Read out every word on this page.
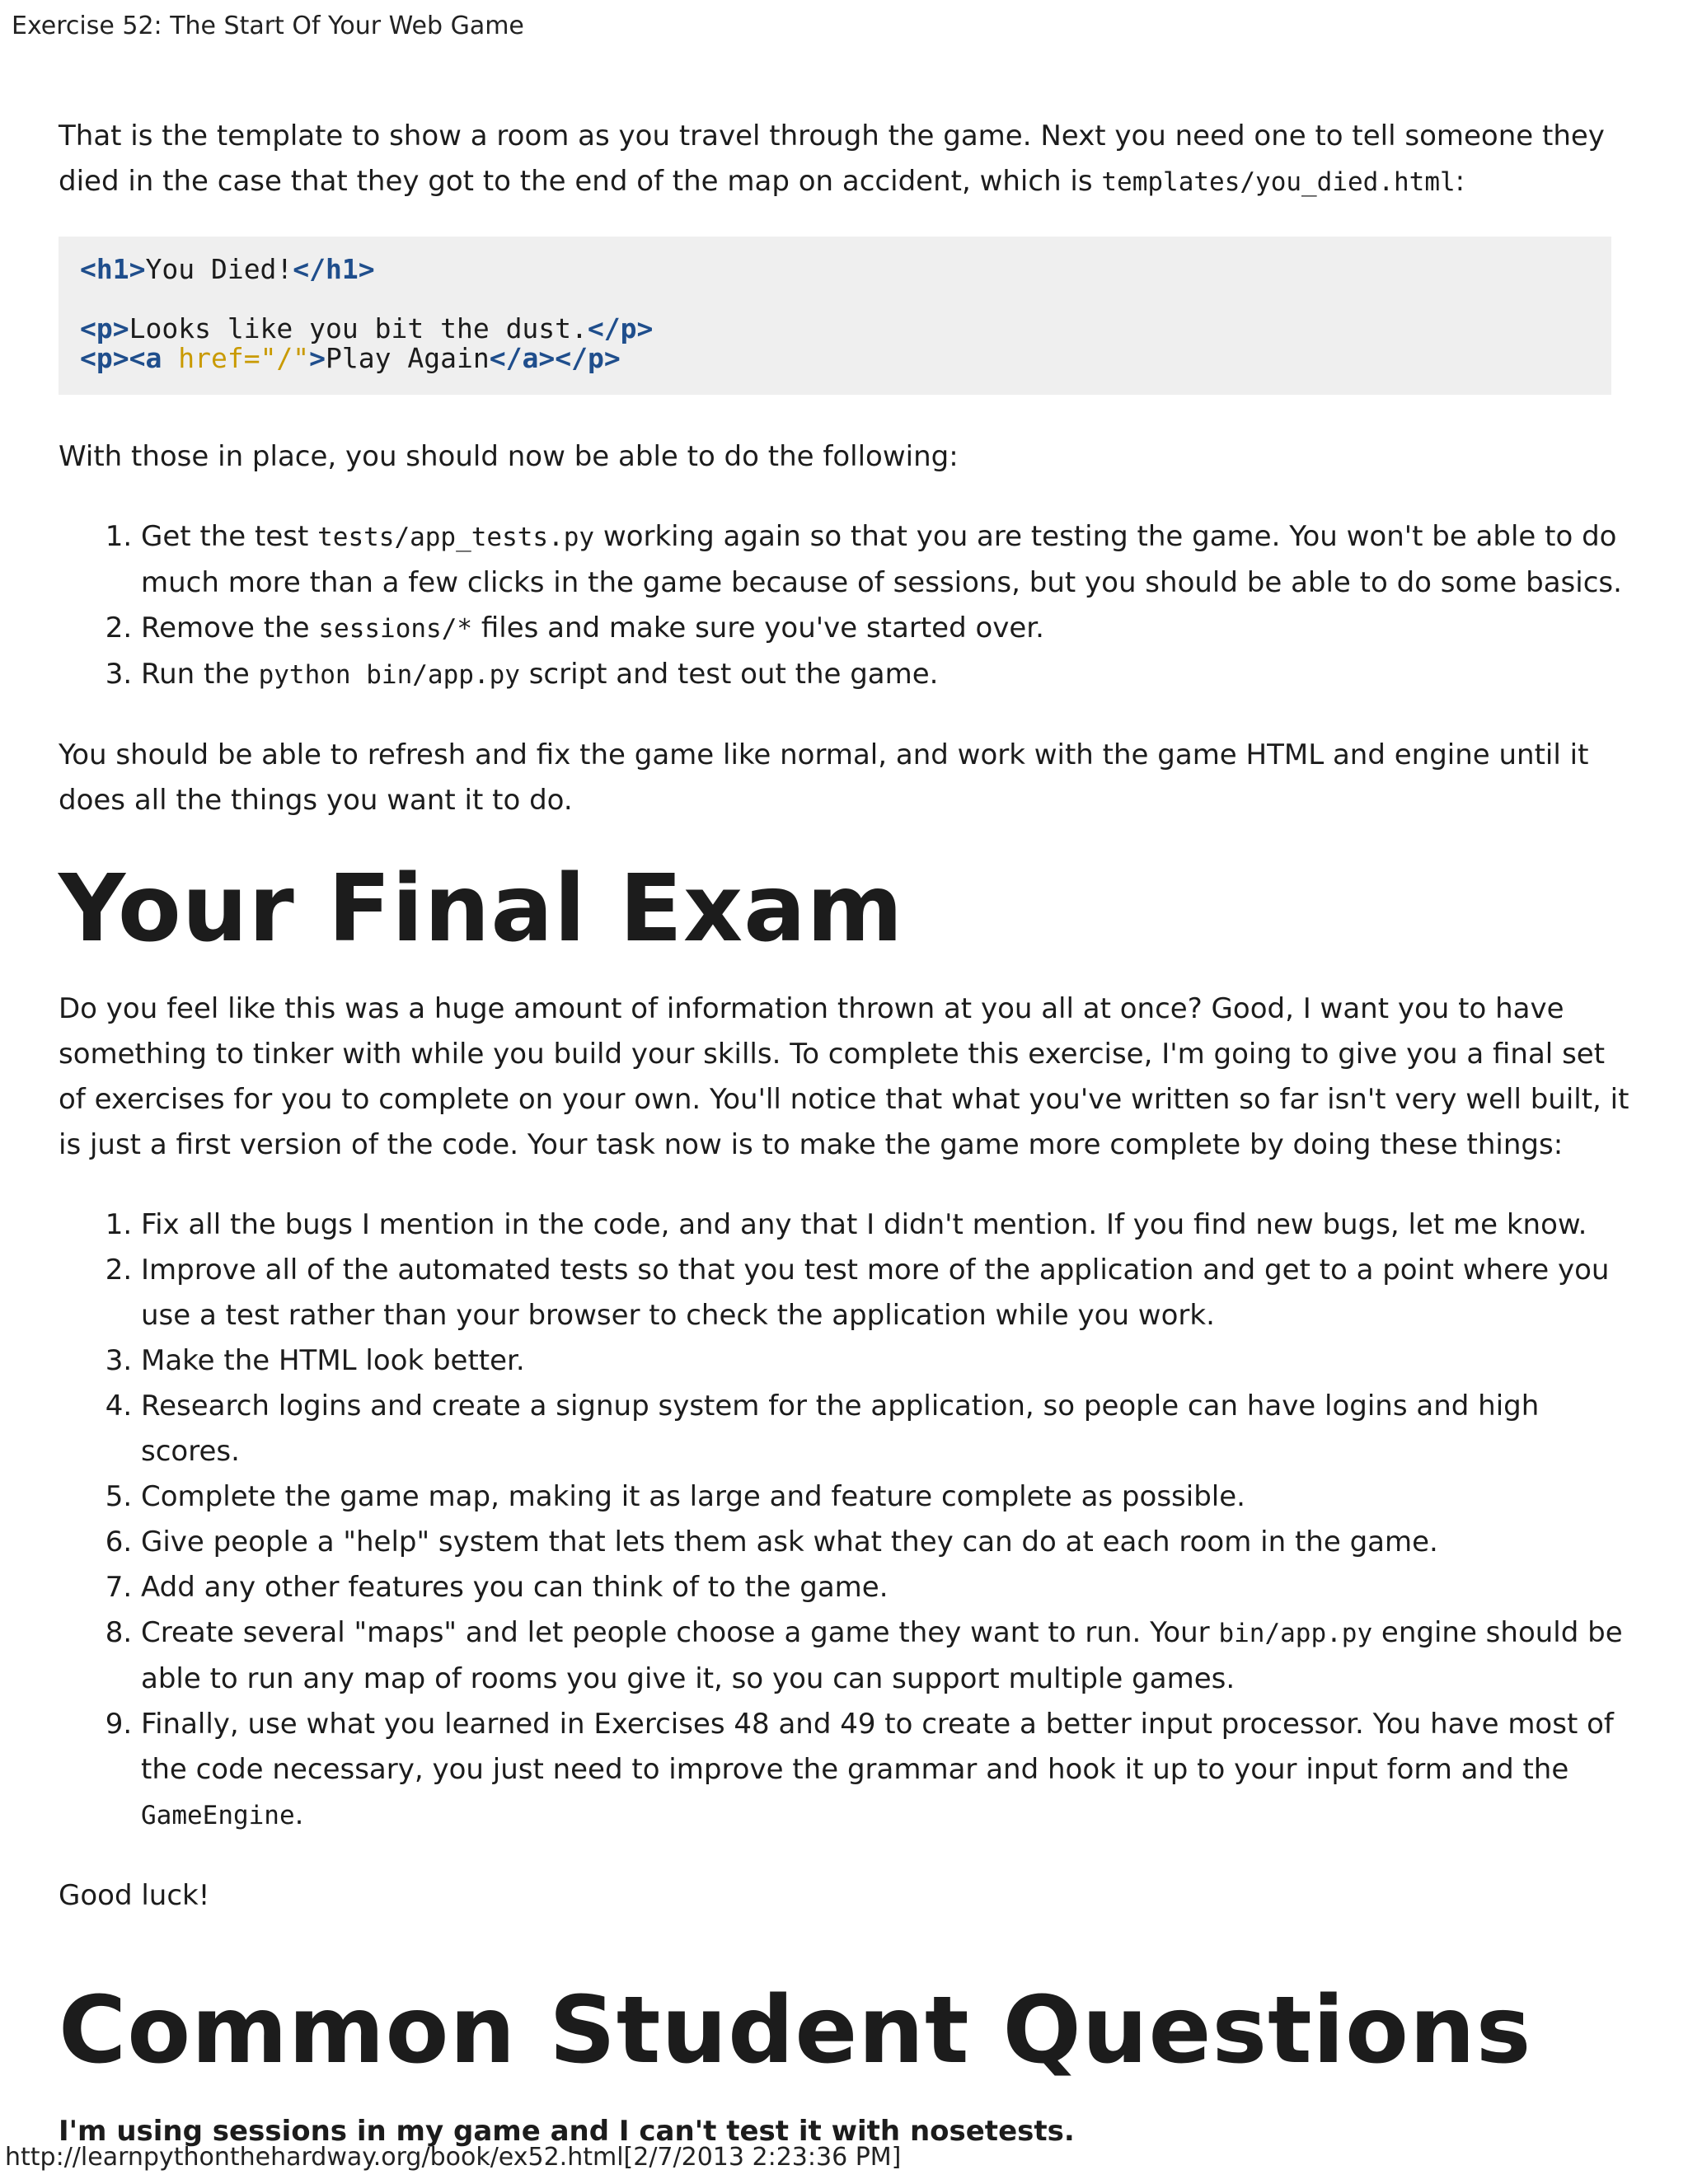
Exercise 52: The Start Of Your Web Game

That is the template to show a room as you travel through the game. Next you need one to tell someone they died in the case that they got to the end of the map on accident, which is templates/you_died.html:

<h1>You Died!</h1>

<p>Looks like you bit the dust.</p>
<p><a href="/">Play Again</a></p>

With those in place, you should now be able to do the following:

1. Get the test tests/app_tests.py working again so that you are testing the game. You won't be able to do much more than a few clicks in the game because of sessions, but you should be able to do some basics.
2. Remove the sessions/* files and make sure you've started over.
3. Run the python bin/app.py script and test out the game.

You should be able to refresh and fix the game like normal, and work with the game HTML and engine until it does all the things you want it to do.

Your Final Exam

Do you feel like this was a huge amount of information thrown at you all at once? Good, I want you to have something to tinker with while you build your skills. To complete this exercise, I'm going to give you a final set of exercises for you to complete on your own. You'll notice that what you've written so far isn't very well built, it is just a first version of the code. Your task now is to make the game more complete by doing these things:

1. Fix all the bugs I mention in the code, and any that I didn't mention. If you find new bugs, let me know.
2. Improve all of the automated tests so that you test more of the application and get to a point where you use a test rather than your browser to check the application while you work.
3. Make the HTML look better.
4. Research logins and create a signup system for the application, so people can have logins and high scores.
5. Complete the game map, making it as large and feature complete as possible.
6. Give people a "help" system that lets them ask what they can do at each room in the game.
7. Add any other features you can think of to the game.
8. Create several "maps" and let people choose a game they want to run. Your bin/app.py engine should be able to run any map of rooms you give it, so you can support multiple games.
9. Finally, use what you learned in Exercises 48 and 49 to create a better input processor. You have most of the code necessary, you just need to improve the grammar and hook it up to your input form and the GameEngine.

Good luck!

Common Student Questions
I'm using sessions in my game and I can't test it with nosetests.
http://learnpythonthehardway.org/book/ex52.html[2/7/2013 2:23:36 PM]
